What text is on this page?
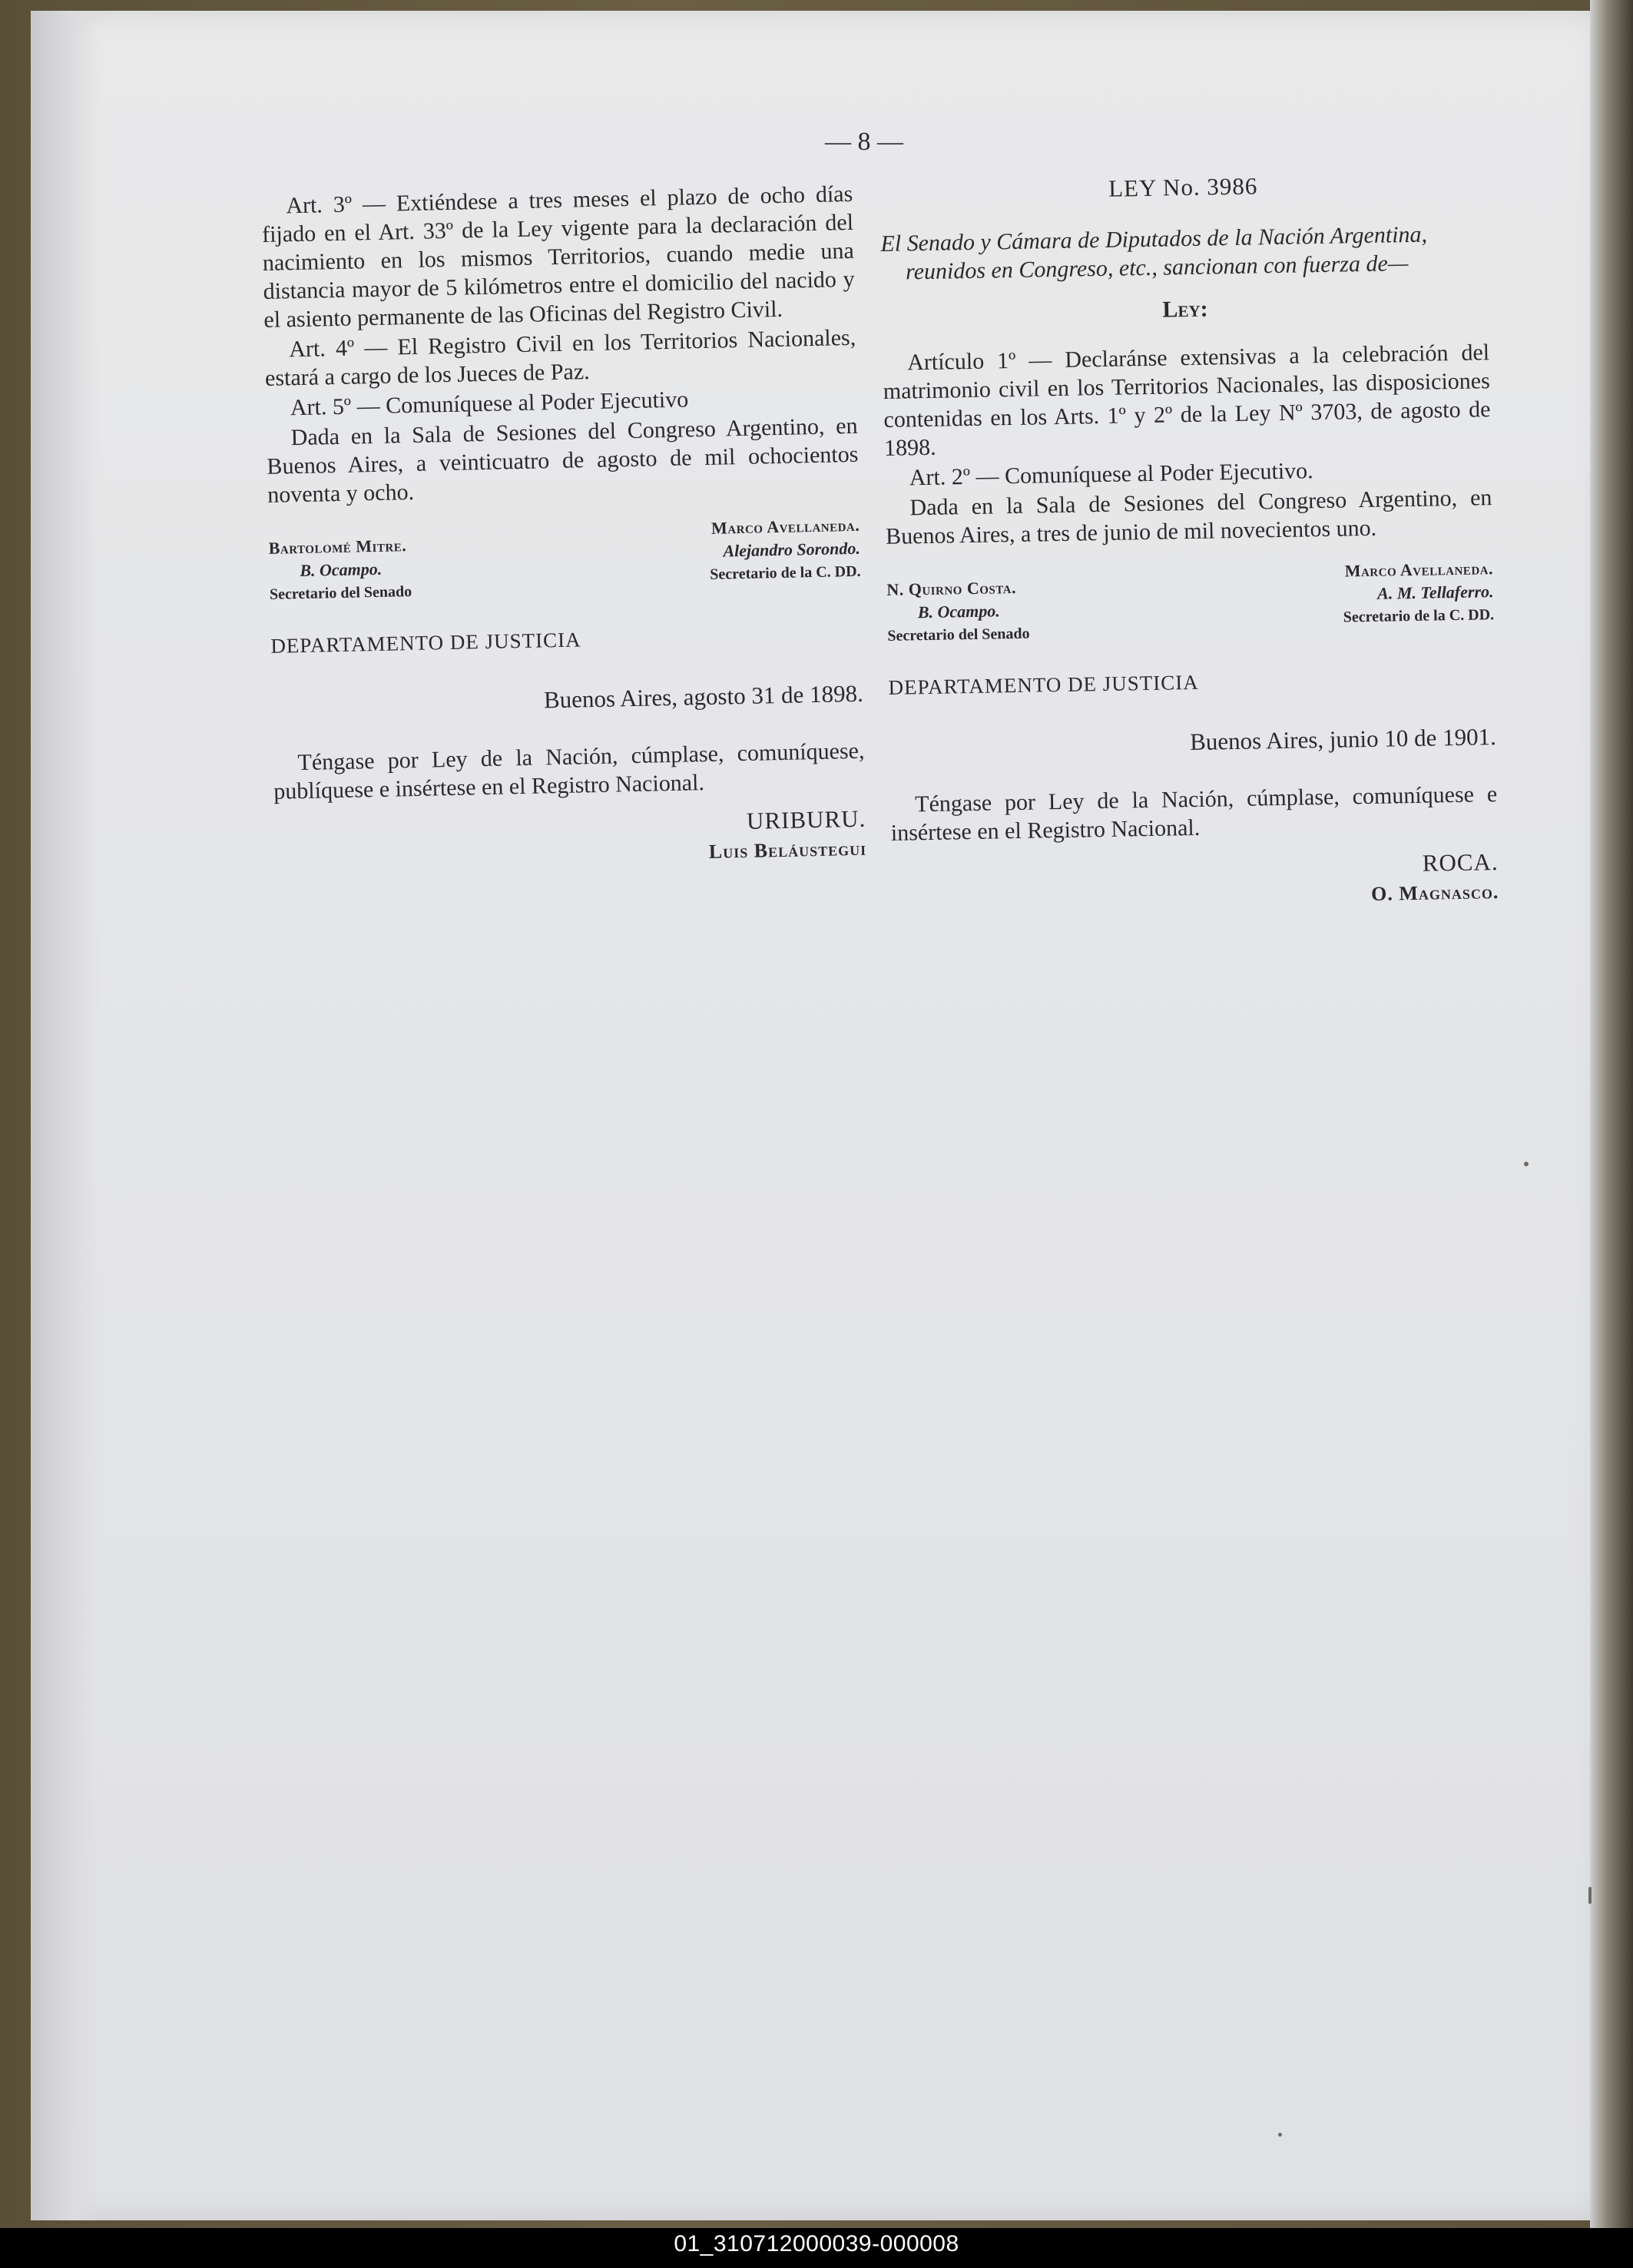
— 8 —

Art. 3º — Extiéndese a tres meses el plazo de ocho días fijado en el Art. 33º de la Ley vigente para la declaración del nacimiento en los mismos Territorios, cuando medie una distancia mayor de 5 kilómetros entre el domicilio del nacido y el asiento permanente de las Oficinas del Registro Civil.

Art. 4º — El Registro Civil en los Territorios Nacionales, estará a cargo de los Jueces de Paz.

Art. 5º — Comuníquese al Poder Ejecutivo

Dada en la Sala de Sesiones del Congreso Argentino, en Buenos Aires, a veinticuatro de agosto de mil ochocientos noventa y ocho.

Bartolomé Mitre.
B. Ocampo.
Secretario del Senado
Marco Avellaneda.
Alejandro Sorondo.
Secretario de la C. DD.
DEPARTAMENTO DE JUSTICIA
Buenos Aires, agosto 31 de 1898.

Téngase por Ley de la Nación, cúmplase, comuníquese, publíquese e insértese en el Registro Nacional.

URIBURU.
Luis Beláustegui
LEY No. 3986

El Senado y Cámara de Diputados de la Nación Argentina, reunidos en Congreso, etc., sancionan con fuerza de—

Ley:

Artículo 1º — Declaránse extensivas a la celebración del matrimonio civil en los Territorios Nacionales, las disposiciones contenidas en los Arts. 1º y 2º de la Ley Nº 3703, de agosto de 1898.

Art. 2º — Comuníquese al Poder Ejecutivo.

Dada en la Sala de Sesiones del Congreso Argentino, en Buenos Aires, a tres de junio de mil novecientos uno.

N. Quirno Costa.
B. Ocampo.
Secretario del Senado
Marco Avellaneda.
A. M. Tellaferro.
Secretario de la C. DD.
DEPARTAMENTO DE JUSTICIA
Buenos Aires, junio 10 de 1901.

Téngase por Ley de la Nación, cúmplase, comuníquese e insértese en el Registro Nacional.

ROCA.
O. Magnasco.
01_310712000039-000008
